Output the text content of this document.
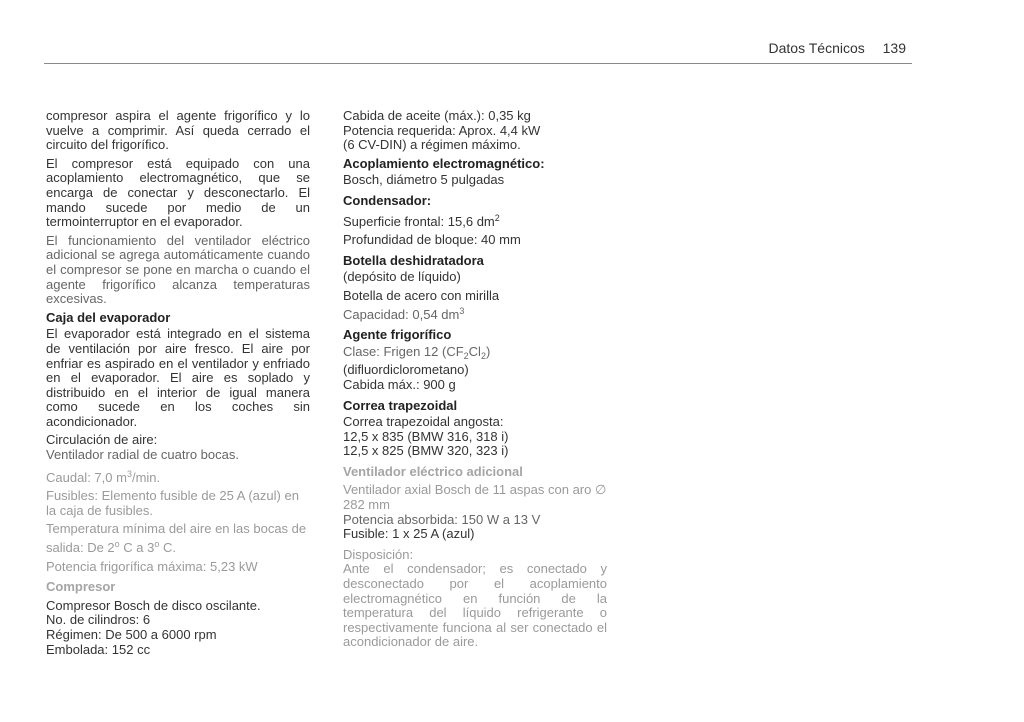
Datos Técnicos 139

compresor aspira el agente frigorífico y lo vuelve a comprimir. Así queda cerrado el circuito del frigorífico.

El compresor está equipado con una acoplamiento electromagnético, que se encarga de conectar y desconectarlo. El mando sucede por medio de un termointerruptor en el evaporador.

El funcionamiento del ventilador eléctrico adicional se agrega automáticamente cuando el compresor se pone en marcha o cuando el agente frigorífico alcanza temperaturas excesivas.

Caja del evaporador

El evaporador está integrado en el sistema de ventilación por aire fresco. El aire por enfriar es aspirado en el ventilador y enfriado en el evaporador. El aire es soplado y distribuido en el interior de igual manera como sucede en los coches sin acondicionador.

Circulación de aire:
Ventilador radial de cuatro bocas.
Caudal: 7,0 $m^3/\min$.
Fusibles: Elemento fusible de 25 A (azul) en la caja de fusibles.
Temperatura mínima del aire en las bocas de salida: De 2$^o$ C a 3$^o$ C.
Potencia frigorífica máxima: 5,23 kW
Compresor
Compresor Bosch de disco oscilante.
No. de cilindros: 6
Régimen: De 500 a 6000 rpm
Embolada: 152 cc
Cabida de aceite (máx.): 0,35 kg
Potencia requerida: Aprox. 4,4 kW
(6 CV-DIN) a régimen máximo.
Acoplamiento electromagnético:
Bosch, diámetro 5 pulgadas
Condensador:
Superficie frontal: 15,6 $dm^2$
Profundidad de bloque: 40 mm
Botella deshidratadora
(depósito de líquido)
Botella de acero con mirilla
Capacidad: 0,54 $dm^3$
Agente frigorífico
Clase: Frigen 12 $(CF_2Cl_2)$
(difluordiclorometano)
Cabida máx.: 900 g
Correa trapezoidal
Correa trapezoidal angosta:
12,5 x 835 (BMW 316, 318 i)
12,5 x 825 (BMW 320, 323 i)
Ventilador eléctrico adicional
Ventilador axial Bosch de 11 aspas con aro ∅ 282 mm
Potencia absorbida: 150 W a 13 V
Fusible: 1 x 25 A (azul)
Disposición:

Ante el condensador; es conectado y desconectado por el acoplamiento electromagnético en función de la temperatura del líquido refrigerante o respectivamente funciona al ser conectado el acondicionador de aire.
